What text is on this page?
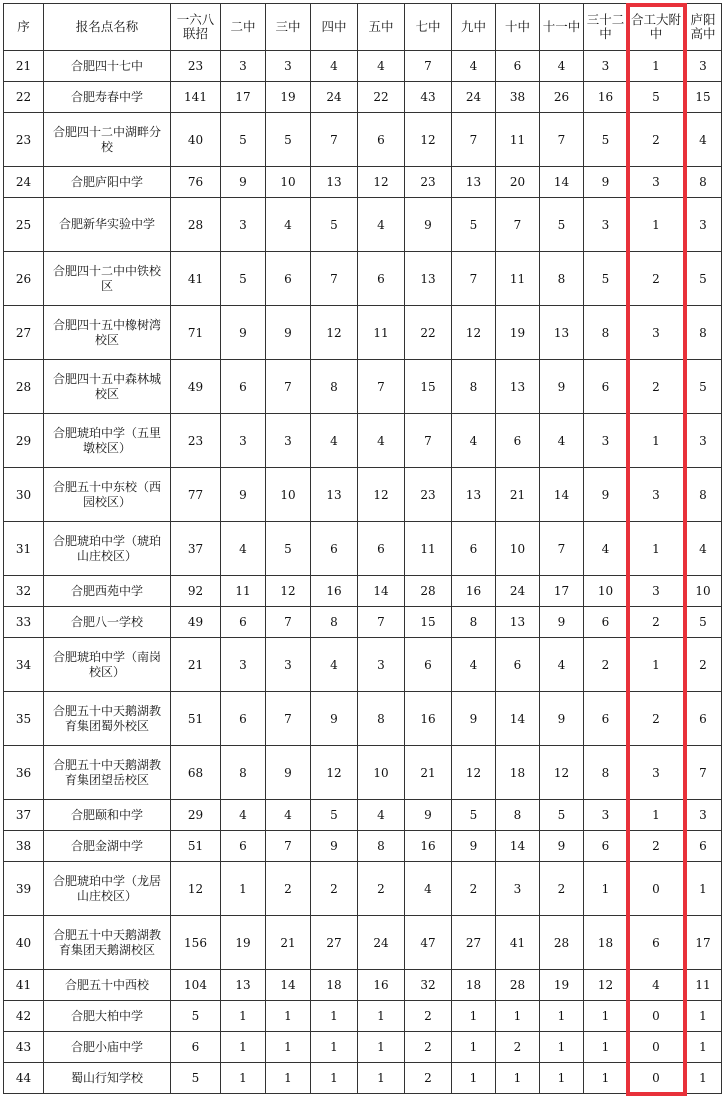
序	报名点名称	一六八联招	二中	三中	四中	五中	七中	九中	十中	十一中	三十二中	合工大附中	庐阳高中
21	合肥四十七中	23	3	3	4	4	7	4	6	4	3	1	3
22	合肥寿春中学	141	17	19	24	22	43	24	38	26	16	5	15
23	合肥四十二中湖畔分校	40	5	5	7	6	12	7	11	7	5	2	4
24	合肥庐阳中学	76	9	10	13	12	23	13	20	14	9	3	8
25	合肥新华实验中学	28	3	4	5	4	9	5	7	5	3	1	3
26	合肥四十二中中铁校区	41	5	6	7	6	13	7	11	8	5	2	5
27	合肥四十五中橡树湾校区	71	9	9	12	11	22	12	19	13	8	3	8
28	合肥四十五中森林城校区	49	6	7	8	7	15	8	13	9	6	2	5
29	合肥琥珀中学（五里墩校区）	23	3	3	4	4	7	4	6	4	3	1	3
30	合肥五十中东校（西园校区）	77	9	10	13	12	23	13	21	14	9	3	8
31	合肥琥珀中学（琥珀山庄校区）	37	4	5	6	6	11	6	10	7	4	1	4
32	合肥西苑中学	92	11	12	16	14	28	16	24	17	10	3	10
33	合肥八一学校	49	6	7	8	7	15	8	13	9	6	2	5
34	合肥琥珀中学（南岗校区）	21	3	3	4	3	6	4	6	4	2	1	2
35	合肥五十中天鹅湖教育集团蜀外校区	51	6	7	9	8	16	9	14	9	6	2	6
36	合肥五十中天鹅湖教育集团望岳校区	68	8	9	12	10	21	12	18	12	8	3	7
37	合肥颐和中学	29	4	4	5	4	9	5	8	5	3	1	3
38	合肥金湖中学	51	6	7	9	8	16	9	14	9	6	2	6
39	合肥琥珀中学（龙居山庄校区）	12	1	2	2	2	4	2	3	2	1	0	1
40	合肥五十中天鹅湖教育集团天鹅湖校区	156	19	21	27	24	47	27	41	28	18	6	17
41	合肥五十中西校	104	13	14	18	16	32	18	28	19	12	4	11
42	合肥大柏中学	5	1	1	1	1	2	1	1	1	1	0	1
43	合肥小庙中学	6	1	1	1	1	2	1	2	1	1	0	1
44	蜀山行知学校	5	1	1	1	1	2	1	1	1	1	0	1
